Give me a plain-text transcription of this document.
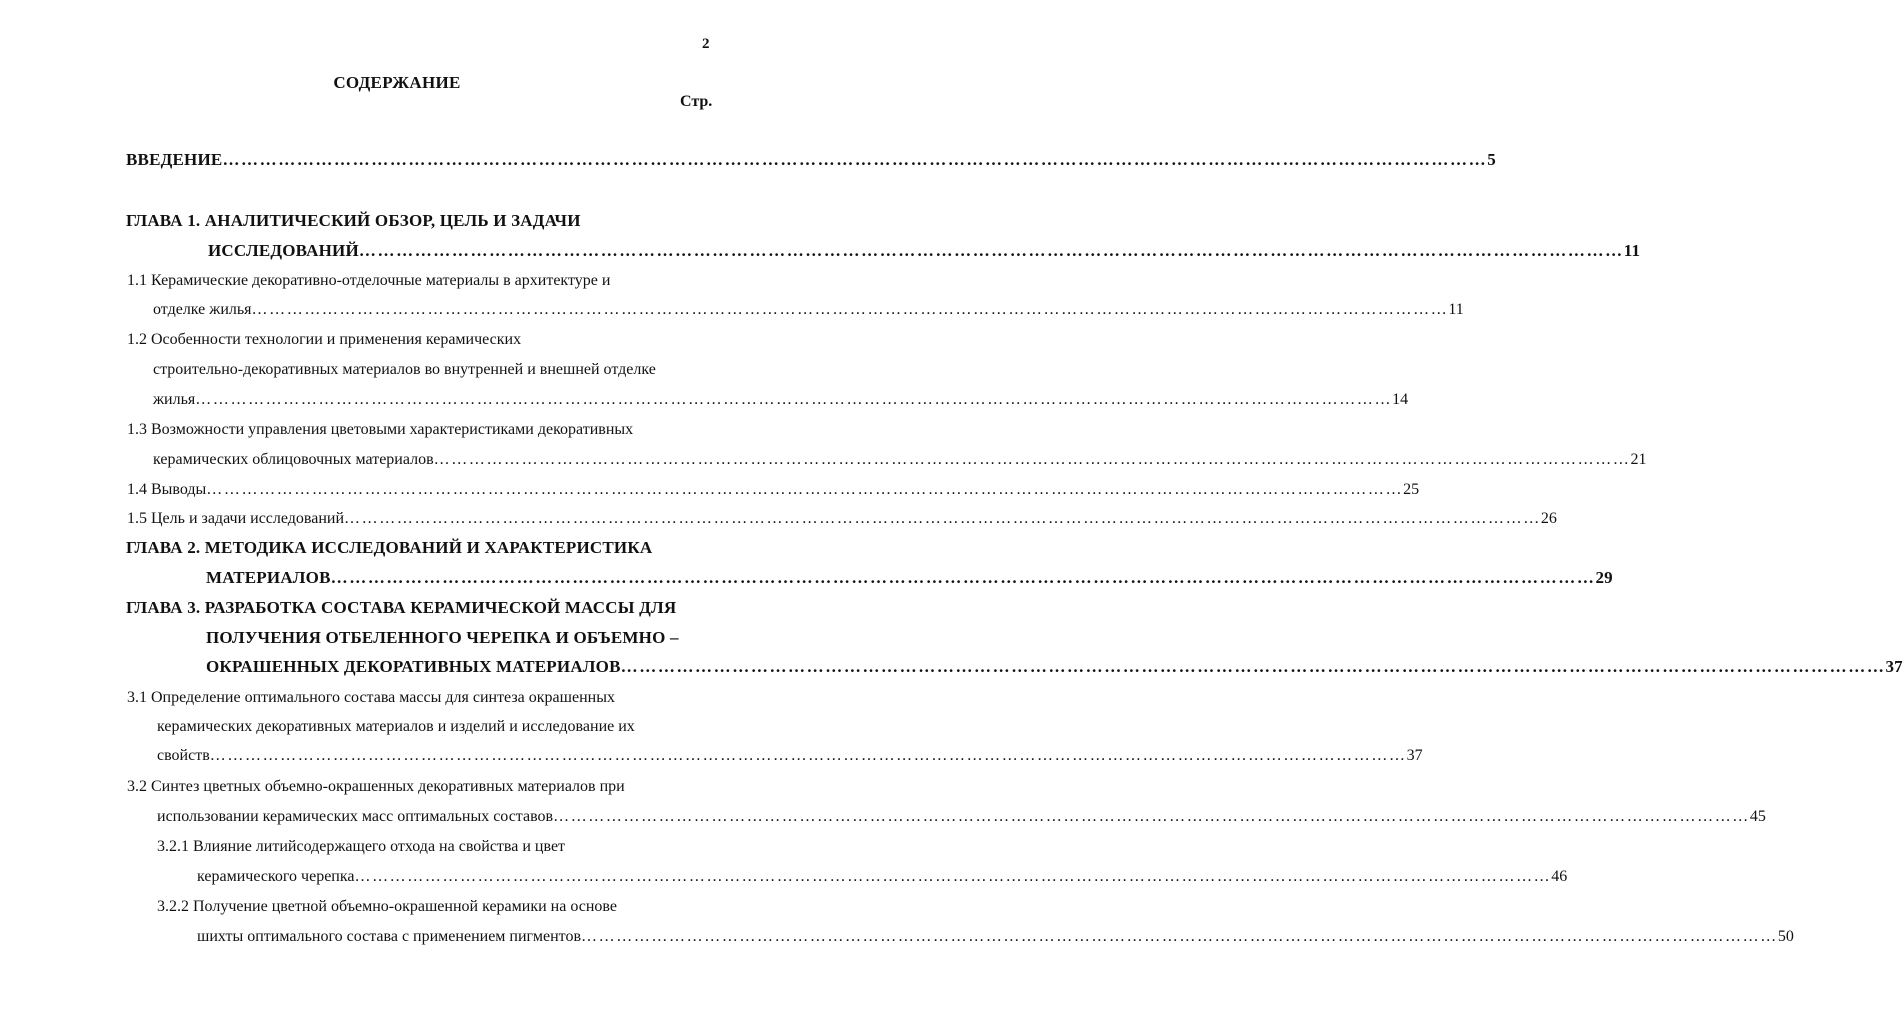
2
СОДЕРЖАНИЕ
Стр.
ВВЕДЕНИЕ …………………………………………………………………………………………………………………………………………………………………………………… 5
ГЛАВА 1. АНАЛИТИЧЕСКИЙ ОБЗОР, ЦЕЛЬ И ЗАДАЧИ
ИССЛЕДОВАНИЙ …………………………………………………………………………………………………………………………………………………………………………………… 11
1.1 Керамические декоративно-отделочные материалы в архитектуре и
отделке жилья …………………………………………………………………………………………………………………………………………………………………………………… 11
1.2 Особенности технологии и применения керамических
строительно-декоративных материалов во внутренней и внешней отделке
жилья …………………………………………………………………………………………………………………………………………………………………………………… 14
1.3 Возможности управления цветовыми характеристиками декоративных
керамических облицовочных материалов …………………………………………………………………………………………………………………………………………………………………………………… 21
1.4 Выводы …………………………………………………………………………………………………………………………………………………………………………………… 25
1.5 Цель и задачи исследований …………………………………………………………………………………………………………………………………………………………………………………… 26
ГЛАВА 2. МЕТОДИКА ИССЛЕДОВАНИЙ И ХАРАКТЕРИСТИКА
МАТЕРИАЛОВ …………………………………………………………………………………………………………………………………………………………………………………… 29
ГЛАВА 3. РАЗРАБОТКА СОСТАВА КЕРАМИЧЕСКОЙ МАССЫ ДЛЯ
ПОЛУЧЕНИЯ ОТБЕЛЕННОГО ЧЕРЕПКА И ОБЪЕМНО –
ОКРАШЕННЫХ ДЕКОРАТИВНЫХ МАТЕРИАЛОВ …………………………………………………………………………………………………………………………………………………………………………………… 37
3.1 Определение оптимального состава массы для синтеза окрашенных
керамических декоративных материалов и изделий и исследование их
свойств …………………………………………………………………………………………………………………………………………………………………………………… 37
3.2 Синтез цветных объемно-окрашенных декоративных материалов при
использовании керамических масс оптимальных составов …………………………………………………………………………………………………………………………………………………………………………………… 45
3.2.1 Влияние литийсодержащего отхода на свойства и цвет
керамического черепка …………………………………………………………………………………………………………………………………………………………………………………… 46
3.2.2 Получение цветной объемно-окрашенной керамики на основе
шихты оптимального состава с применением пигментов …………………………………………………………………………………………………………………………………………………………………………………… 50
